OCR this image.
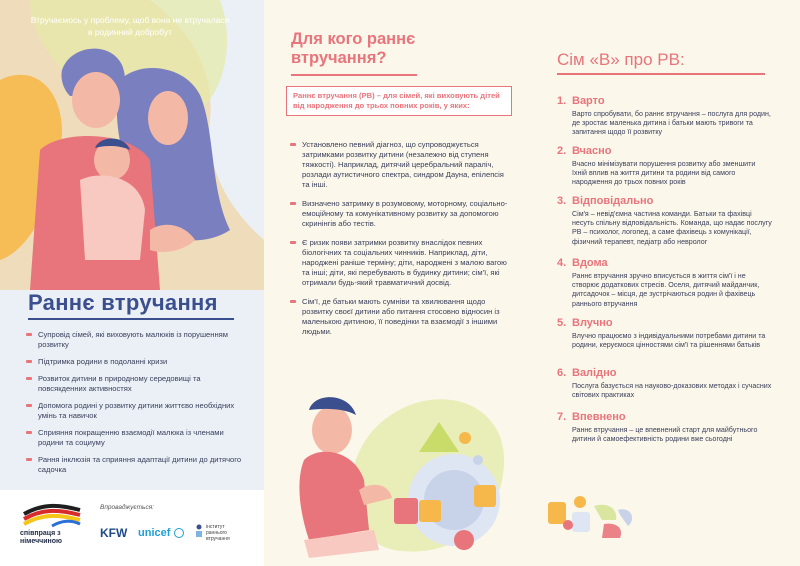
Втручаємось у проблему, щоб вона не втручалася в родинний добробут
Раннє втручання
Супровід сімей, які виховують малюків із порушенням розвитку
Підтримка родини в подоланні кризи
Розвиток дитини в природному середовищі та повсякденних активностях
Допомога родині у розвитку дитини життєво необхідних умінь та навичок
Сприяння покращенню взаємодії малюка із членами родини та социуму
Рання інклюзія та сприяння адаптації дитини до дитячого садочка
співпраця з німеччиною
Впроваджується:
KFW unicef	інститут раннього втручання
Для кого раннє втручання?
Раннє втручання (РВ) – для сімей, які виховують дітей від народження до трьох повних років, у яких:
Установлено певний діагноз, що супроводжується затримками розвитку дитини (незалежно від ступеня тяжкості). Наприклад, дитячий церебральний параліч, розлади аутистичного спектра, синдром Дауна, епілепсія та інші.
Визначено затримку в розумовому, моторному, соціально-емоційному та комунікативному розвитку за допомогою скринінгів або тестів.
Є ризик появи затримки розвитку внаслідок певних біологічних та соціальних чинників. Наприклад, діти, народжені раніше терміну; діти, народжені з малою вагою та інші; діти, які перебувають в будинку дитини; сім'ї, які отримали будь-який травматичний досвід.
Сім'ї, де батьки мають сумніви та хвилювання щодо розвитку своєї дитини або питання стосовно відносин із маленькою дитиною, її поведінки та взаємодії з іншими людьми.
Сім «В» про РВ:
1. Варто
Варто спробувати, бо раннє втручання – послуга для родин, де зростає маленька дитина і батьки мають тривоги та запитання щодо її розвитку
2. Вчасно
Вчасно мінімізувати порушення розвитку або зменшити їхній вплив на життя дитини та родини від самого народження до трьох повних років
3. Відповідально
Сім'я – невід'ємна частина команди. Батьки та фахівці несуть спільну відповідальність. Команда, що надає послугу РВ – психолог, логопед, а саме фахівець з комунікації, фізичний терапевт, педіатр або невролог
4. Вдома
Раннє втручання зручно вписується в життя сім'ї і не створює додаткових стресів. Оселя, дитячий майданчик, дитсадочок – місця, де зустрічаються родин й фахівець раннього втручання
5. Влучно
Влучно працюємо з індивідуальними потребами дитини та родини, керуємося цінностями сім'ї та рішеннями батьків
6. Валідно
Послуга базується на науково-доказових методах і сучасних світових практиках
7. Впевнено
Раннє втручання – це впевнений старт для майбутнього дитини й самоефективність родини вже сьогодні
